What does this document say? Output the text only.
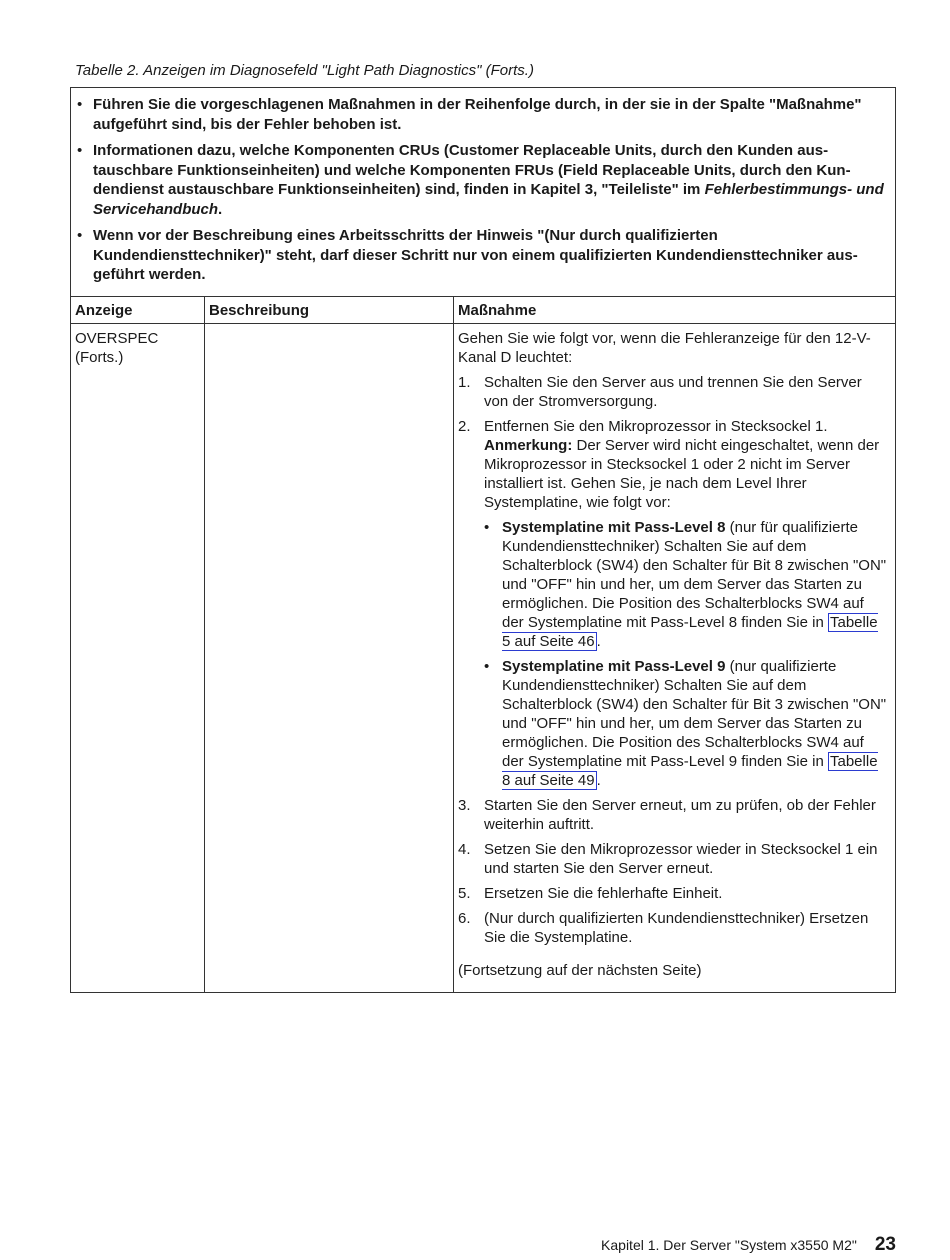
Tabelle 2. Anzeigen im Diagnosefeld "Light Path Diagnostics" (Forts.)
• Führen Sie die vorgeschlagenen Maßnahmen in der Reihenfolge durch, in der sie in der Spalte "Maßnahme" aufgeführt sind, bis der Fehler behoben ist.
• Informationen dazu, welche Komponenten CRUs (Customer Replaceable Units, durch den Kunden austauschbare Funktionseinheiten) und welche Komponenten FRUs (Field Replaceable Units, durch den Kundendienst austauschbare Funktionseinheiten) sind, finden in Kapitel 3, "Teileliste" im Fehlerbestimmungs- und Servicehandbuch.
• Wenn vor der Beschreibung eines Arbeitsschritts der Hinweis "(Nur durch qualifizierten Kundendiensttechniker)" steht, darf dieser Schritt nur von einem qualifizierten Kundendiensttechniker ausgeführt werden.
Anzeige	Beschreibung	Maßnahme
OVERSPEC
(Forts.)
Gehen Sie wie folgt vor, wenn die Fehleranzeige für den 12-V-Kanal D leuchtet:
1. Schalten Sie den Server aus und trennen Sie den Server von der Stromversorgung.
2. Entfernen Sie den Mikroprozessor in Stecksockel 1.
Anmerkung: Der Server wird nicht eingeschaltet, wenn der Mikroprozessor in Stecksockel 1 oder 2 nicht im Server installiert ist. Gehen Sie, je nach dem Level Ihrer Systemplatine, wie folgt vor:
• Systemplatine mit Pass-Level 8 (nur für qualifizierte Kundendiensttechniker) Schalten Sie auf dem Schalterblock (SW4) den Schalter für Bit 8 zwischen "ON" und "OFF" hin und her, um dem Server das Starten zu ermöglichen. Die Position des Schalterblocks SW4 auf der Systemplatine mit Pass-Level 8 finden Sie in Tabelle 5 auf Seite 46 .
• Systemplatine mit Pass-Level 9 (nur qualifizierte Kundendiensttechniker) Schalten Sie auf dem Schalterblock (SW4) den Schalter für Bit 3 zwischen "ON" und "OFF" hin und her, um dem Server das Starten zu ermöglichen. Die Position des Schalterblocks SW4 auf der Systemplatine mit Pass-Level 9 finden Sie in Tabelle 8 auf Seite 49 .
3. Starten Sie den Server erneut, um zu prüfen, ob der Fehler weiterhin auftritt.
4. Setzen Sie den Mikroprozessor wieder in Stecksockel 1 ein und starten Sie den Server erneut.
5. Ersetzen Sie die fehlerhafte Einheit.
6. (Nur durch qualifizierten Kundendiensttechniker) Ersetzen Sie die Systemplatine.
(Fortsetzung auf der nächsten Seite)
Kapitel 1. Der Server "System x3550 M2" 23
